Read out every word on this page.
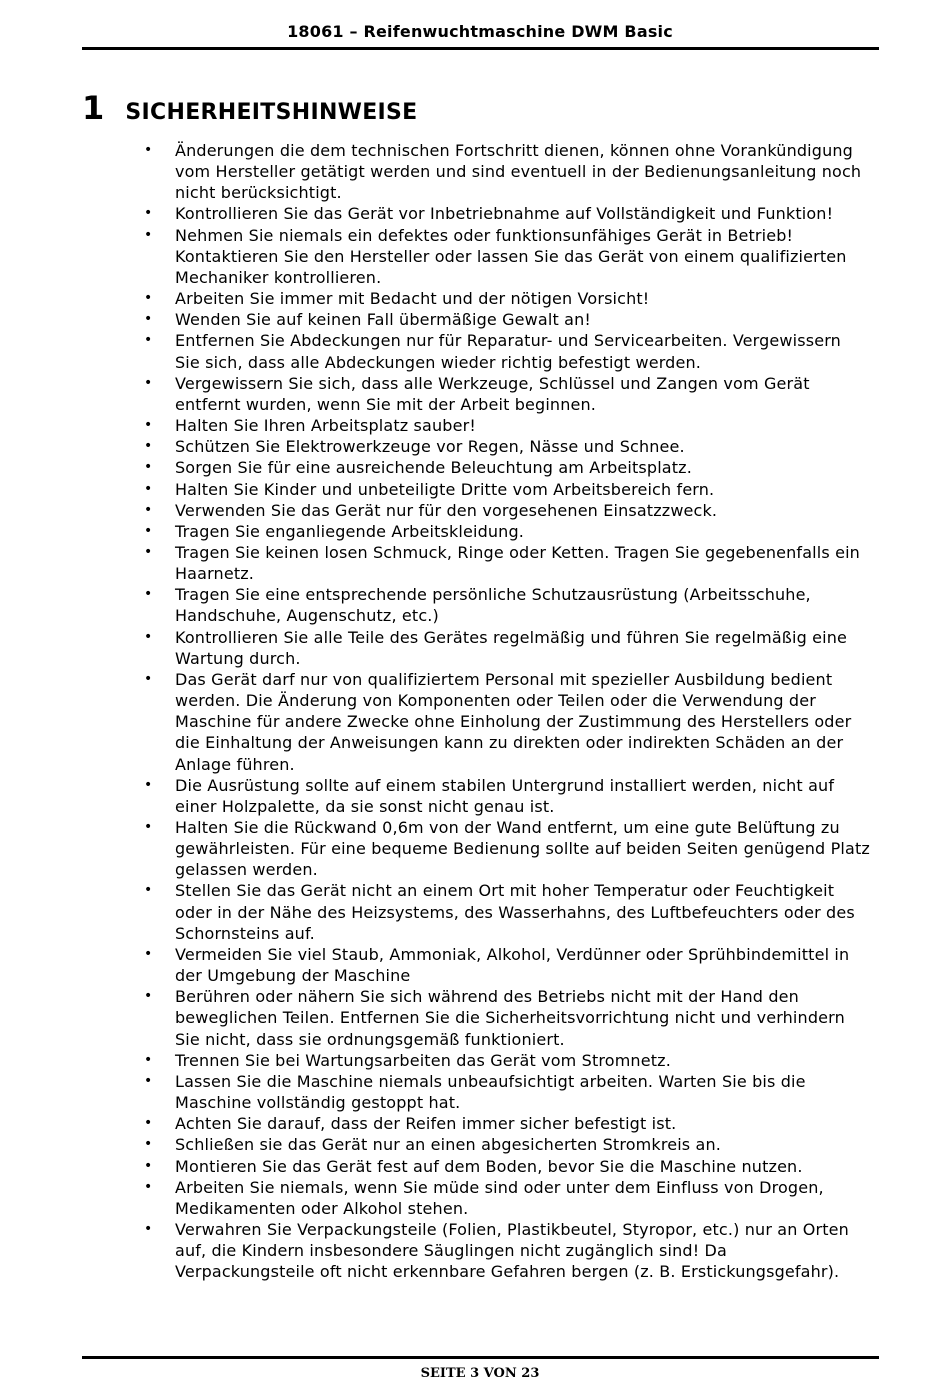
18061 – Reifenwuchtmaschine DWM Basic
1 SICHERHEITSHINWEISE
• Änderungen die dem technischen Fortschritt dienen, können ohne Vorankündigung vom Hersteller getätigt werden und sind eventuell in der Bedienungsanleitung noch nicht berücksichtigt.
• Kontrollieren Sie das Gerät vor Inbetriebnahme auf Vollständigkeit und Funktion!
• Nehmen Sie niemals ein defektes oder funktionsunfähiges Gerät in Betrieb! Kontaktieren Sie den Hersteller oder lassen Sie das Gerät von einem qualifizierten Mechaniker kontrollieren.
• Arbeiten Sie immer mit Bedacht und der nötigen Vorsicht!
• Wenden Sie auf keinen Fall übermäßige Gewalt an!
• Entfernen Sie Abdeckungen nur für Reparatur- und Servicearbeiten. Vergewissern Sie sich, dass alle Abdeckungen wieder richtig befestigt werden.
• Vergewissern Sie sich, dass alle Werkzeuge, Schlüssel und Zangen vom Gerät entfernt wurden, wenn Sie mit der Arbeit beginnen.
• Halten Sie Ihren Arbeitsplatz sauber!
• Schützen Sie Elektrowerkzeuge vor Regen, Nässe und Schnee.
• Sorgen Sie für eine ausreichende Beleuchtung am Arbeitsplatz.
• Halten Sie Kinder und unbeteiligte Dritte vom Arbeitsbereich fern.
• Verwenden Sie das Gerät nur für den vorgesehenen Einsatzzweck.
• Tragen Sie enganliegende Arbeitskleidung.
• Tragen Sie keinen losen Schmuck, Ringe oder Ketten. Tragen Sie gegebenenfalls ein Haarnetz.
• Tragen Sie eine entsprechende persönliche Schutzausrüstung (Arbeitsschuhe, Handschuhe, Augenschutz, etc.)
• Kontrollieren Sie alle Teile des Gerätes regelmäßig und führen Sie regelmäßig eine Wartung durch.
• Das Gerät darf nur von qualifiziertem Personal mit spezieller Ausbildung bedient werden. Die Änderung von Komponenten oder Teilen oder die Verwendung der Maschine für andere Zwecke ohne Einholung der Zustimmung des Herstellers oder die Einhaltung der Anweisungen kann zu direkten oder indirekten Schäden an der Anlage führen.
• Die Ausrüstung sollte auf einem stabilen Untergrund installiert werden, nicht auf einer Holzpalette, da sie sonst nicht genau ist.
• Halten Sie die Rückwand 0,6m von der Wand entfernt, um eine gute Belüftung zu gewährleisten. Für eine bequeme Bedienung sollte auf beiden Seiten genügend Platz gelassen werden.
• Stellen Sie das Gerät nicht an einem Ort mit hoher Temperatur oder Feuchtigkeit oder in der Nähe des Heizsystems, des Wasserhahns, des Luftbefeuchters oder des Schornsteins auf.
• Vermeiden Sie viel Staub, Ammoniak, Alkohol, Verdünner oder Sprühbindemittel in der Umgebung der Maschine
• Berühren oder nähern Sie sich während des Betriebs nicht mit der Hand den beweglichen Teilen. Entfernen Sie die Sicherheitsvorrichtung nicht und verhindern Sie nicht, dass sie ordnungsgemäß funktioniert.
• Trennen Sie bei Wartungsarbeiten das Gerät vom Stromnetz.
• Lassen Sie die Maschine niemals unbeaufsichtigt arbeiten. Warten Sie bis die Maschine vollständig gestoppt hat.
• Achten Sie darauf, dass der Reifen immer sicher befestigt ist.
• Schließen sie das Gerät nur an einen abgesicherten Stromkreis an.
• Montieren Sie das Gerät fest auf dem Boden, bevor Sie die Maschine nutzen.
• Arbeiten Sie niemals, wenn Sie müde sind oder unter dem Einfluss von Drogen, Medikamenten oder Alkohol stehen.
• Verwahren Sie Verpackungsteile (Folien, Plastikbeutel, Styropor, etc.) nur an Orten auf, die Kindern insbesondere Säuglingen nicht zugänglich sind! Da Verpackungsteile oft nicht erkennbare Gefahren bergen (z. B. Erstickungsgefahr).
SEITE 3 VON 23
